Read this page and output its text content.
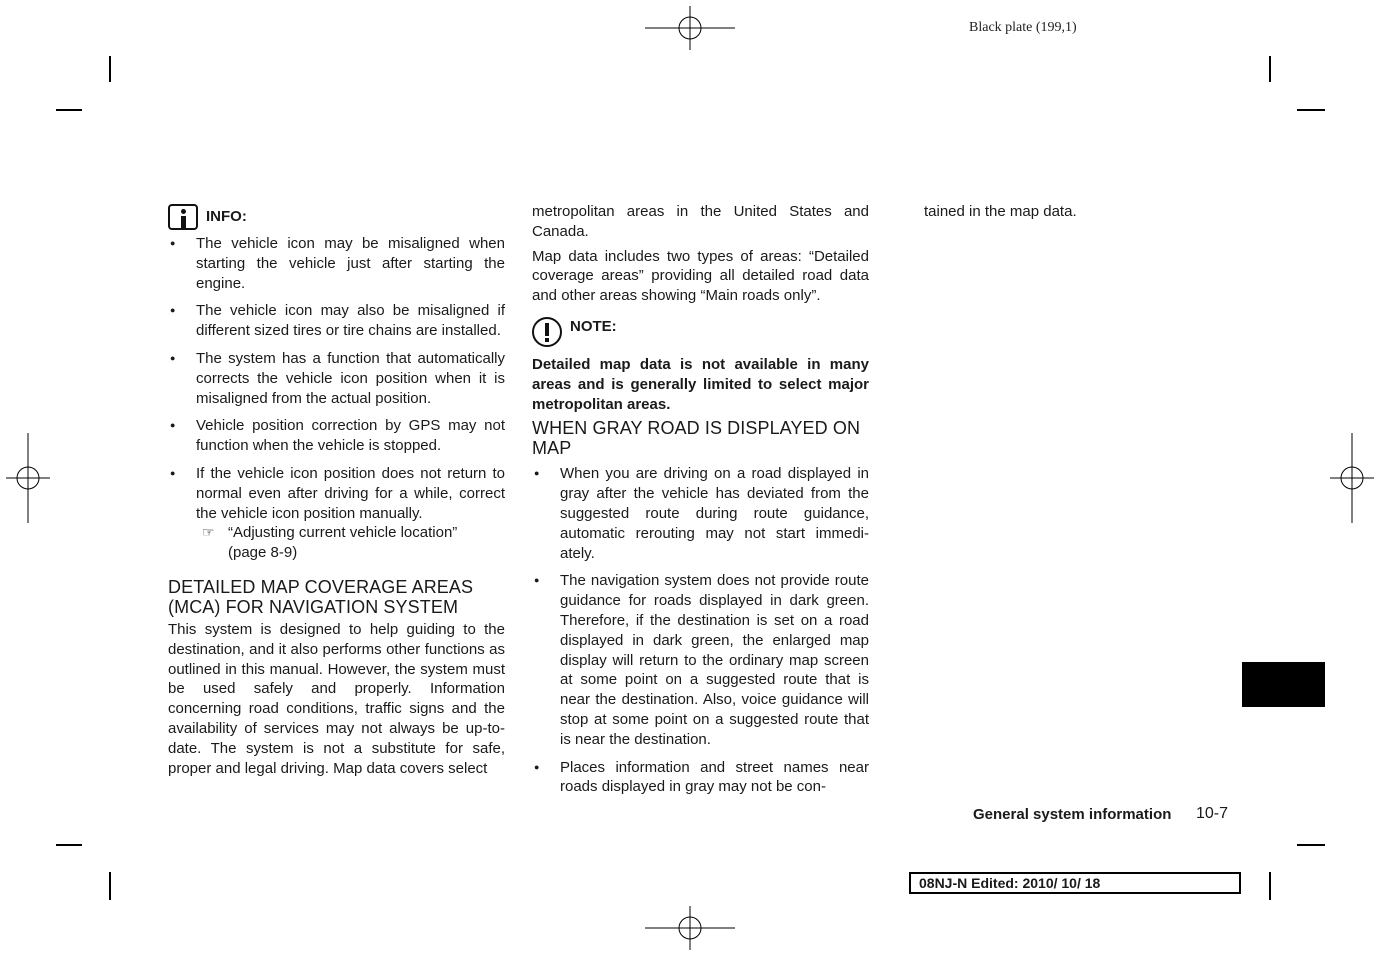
Black plate (199,1)
INFO:
● The vehicle icon may be misaligned when starting the vehicle just after starting the engine.
● The vehicle icon may also be misaligned if different sized tires or tire chains are installed.
● The system has a function that automatically corrects the vehicle icon position when it is misaligned from the actual position.
● Vehicle position correction by GPS may not function when the vehicle is stopped.
● If the vehicle icon position does not return to normal even after driving for a while, correct the vehicle icon position manually.
☞ “Adjusting current vehicle location” (page 8-9)
DETAILED MAP COVERAGE AREAS (MCA) FOR NAVIGATION SYSTEM

This system is designed to help guiding to the destination, and it also performs other functions as outlined in this manual. However, the system must be used safely and properly. Information concerning road conditions, traffic signs and the availability of services may not always be up-to-date. The system is not a substitute for safe, proper and legal driving. Map data covers select

metropolitan areas in the United States and Canada.

Map data includes two types of areas: “Detailed coverage areas” providing all detailed road data and other areas showing “Main roads only”.

NOTE:

Detailed map data is not available in many areas and is generally limited to select major metropolitan areas.

WHEN GRAY ROAD IS DISPLAYED ON MAP
● When you are driving on a road displayed in gray after the vehicle has deviated from the suggested route during route guidance, automatic rerouting may not start immedi-ately.
● The navigation system does not provide route guidance for roads displayed in dark green. Therefore, if the destination is set on a road displayed in dark green, the enlarged map display will return to the ordinary map screen at some point on a suggested route that is near the destination. Also, voice guidance will stop at some point on a suggested route that is near the destination.
● Places information and street names near roads displayed in gray may not be con-

tained in the map data.

General system information 10-7
08NJ-N Edited: 2010/ 10/ 18
